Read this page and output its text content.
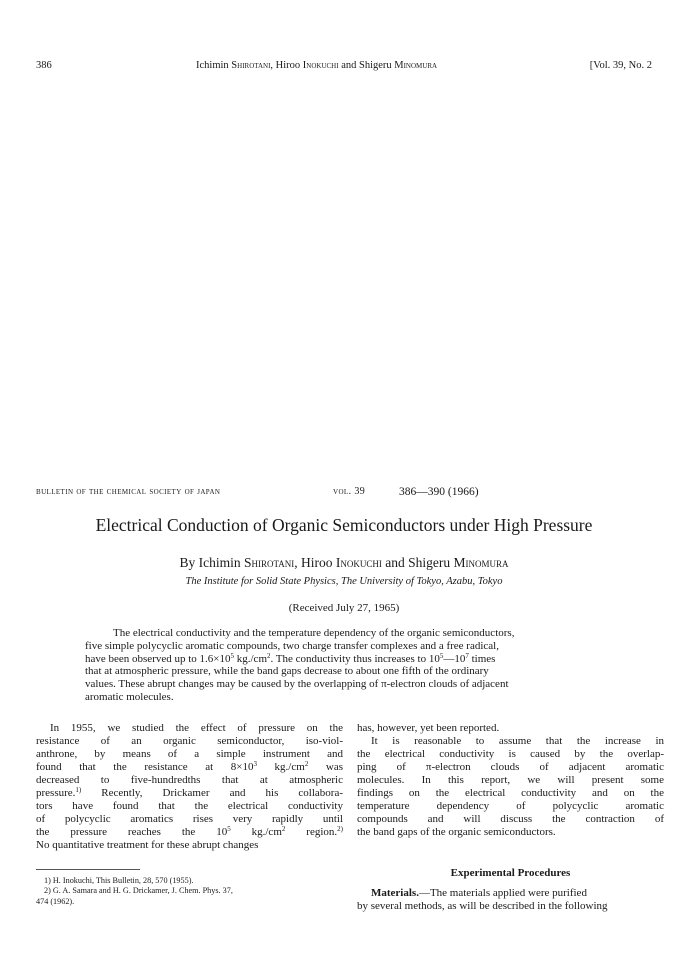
386	Ichimin Shirotani, Hiroo Inokuchi and Shigeru Minomura	[Vol. 39, No. 2
bulletin of the chemical society of japan	vol. 39	386—390 (1966)
Electrical Conduction of Organic Semiconductors under High Pressure
By Ichimin Shirotani, Hiroo Inokuchi and Shigeru Minomura
The Institute for Solid State Physics, The University of Tokyo, Azabu, Tokyo
(Received July 27, 1965)
The electrical conductivity and the temperature dependency of the organic semiconductors,
five simple polycyclic aromatic compounds, two charge transfer complexes and a free radical,
have been observed up to $1.6\times 10^5$ $kg./cm^2$. The conductivity thus increases to $10^5—10^7$ times
that at atmospheric pressure, while the band gaps decrease to about one fifth of the ordinary
values. These abrupt changes may be caused by the overlapping of π-electron clouds of adjacent
aromatic molecules.
In 1955, we studied the effect of pressure on the
resistance of an organic semiconductor, iso-viol-
anthrone, by means of a simple instrument and
found that the resistance at $8\times 10^3$ $kg./cm^2$ was
decreased to five-hundredths that at atmospheric
pressure.$^{1)}$ Recently, Drickamer and his collabora-
tors have found that the electrical conductivity
of polycyclic aromatics rises very rapidly until
the pressure reaches the $10^5$ $kg./cm^2$ region.$^{2)}$
No quantitative treatment for these abrupt changes
has, however, yet been reported.
It is reasonable to assume that the increase in
the electrical conductivity is caused by the overlap-
ping of π-electron clouds of adjacent aromatic
molecules. In this report, we will present some
findings on the electrical conductivity and on the
temperature dependency of polycyclic aromatic
compounds and will discuss the contraction of
the band gaps of the organic semiconductors.
1) H. Inokuchi, This Bulletin, 28, 570 (1955).
2) G. A. Samara and H. G. Drickamer, J. Chem. Phys. 37,
474 (1962).
Experimental Procedures
Materials.—The materials applied were purified
by several methods, as will be described in the following
